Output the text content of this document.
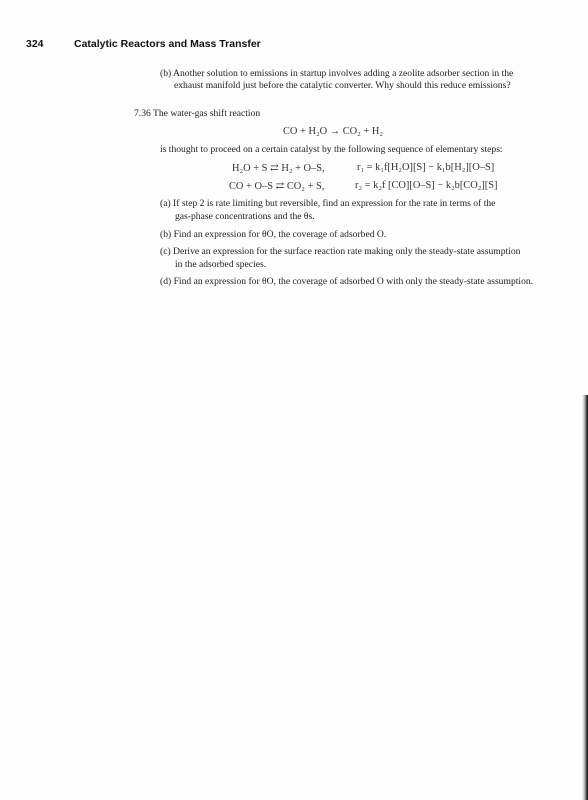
324	Catalytic Reactors and Mass Transfer
(b) Another solution to emissions in startup involves adding a zeolite adsorber section in the
exhaust manifold just before the catalytic converter. Why should this reduce emissions?
7.36 The water-gas shift reaction
CO + H₂O → CO₂ + H₂
is thought to proceed on a certain catalyst by the following sequence of elementary steps:
H₂O + S ⇄ H₂ + O–S,	r₁ = k₁f[H₂O][S] − k₁b[H₂][O–S]
CO + O–S ⇄ CO₂ + S,	r₂ = k₂f [CO][O–S] − k₂b[CO₂][S]
(a) If step 2 is rate limiting but reversible, find an expression for the rate in terms of the
gas-phase concentrations and the θs.
(b) Find an expression for θO, the coverage of adsorbed O.
(c) Derive an expression for the surface reaction rate making only the steady-state assumption
in the adsorbed species.
(d) Find an expression for θO, the coverage of adsorbed O with only the steady-state assumption.
